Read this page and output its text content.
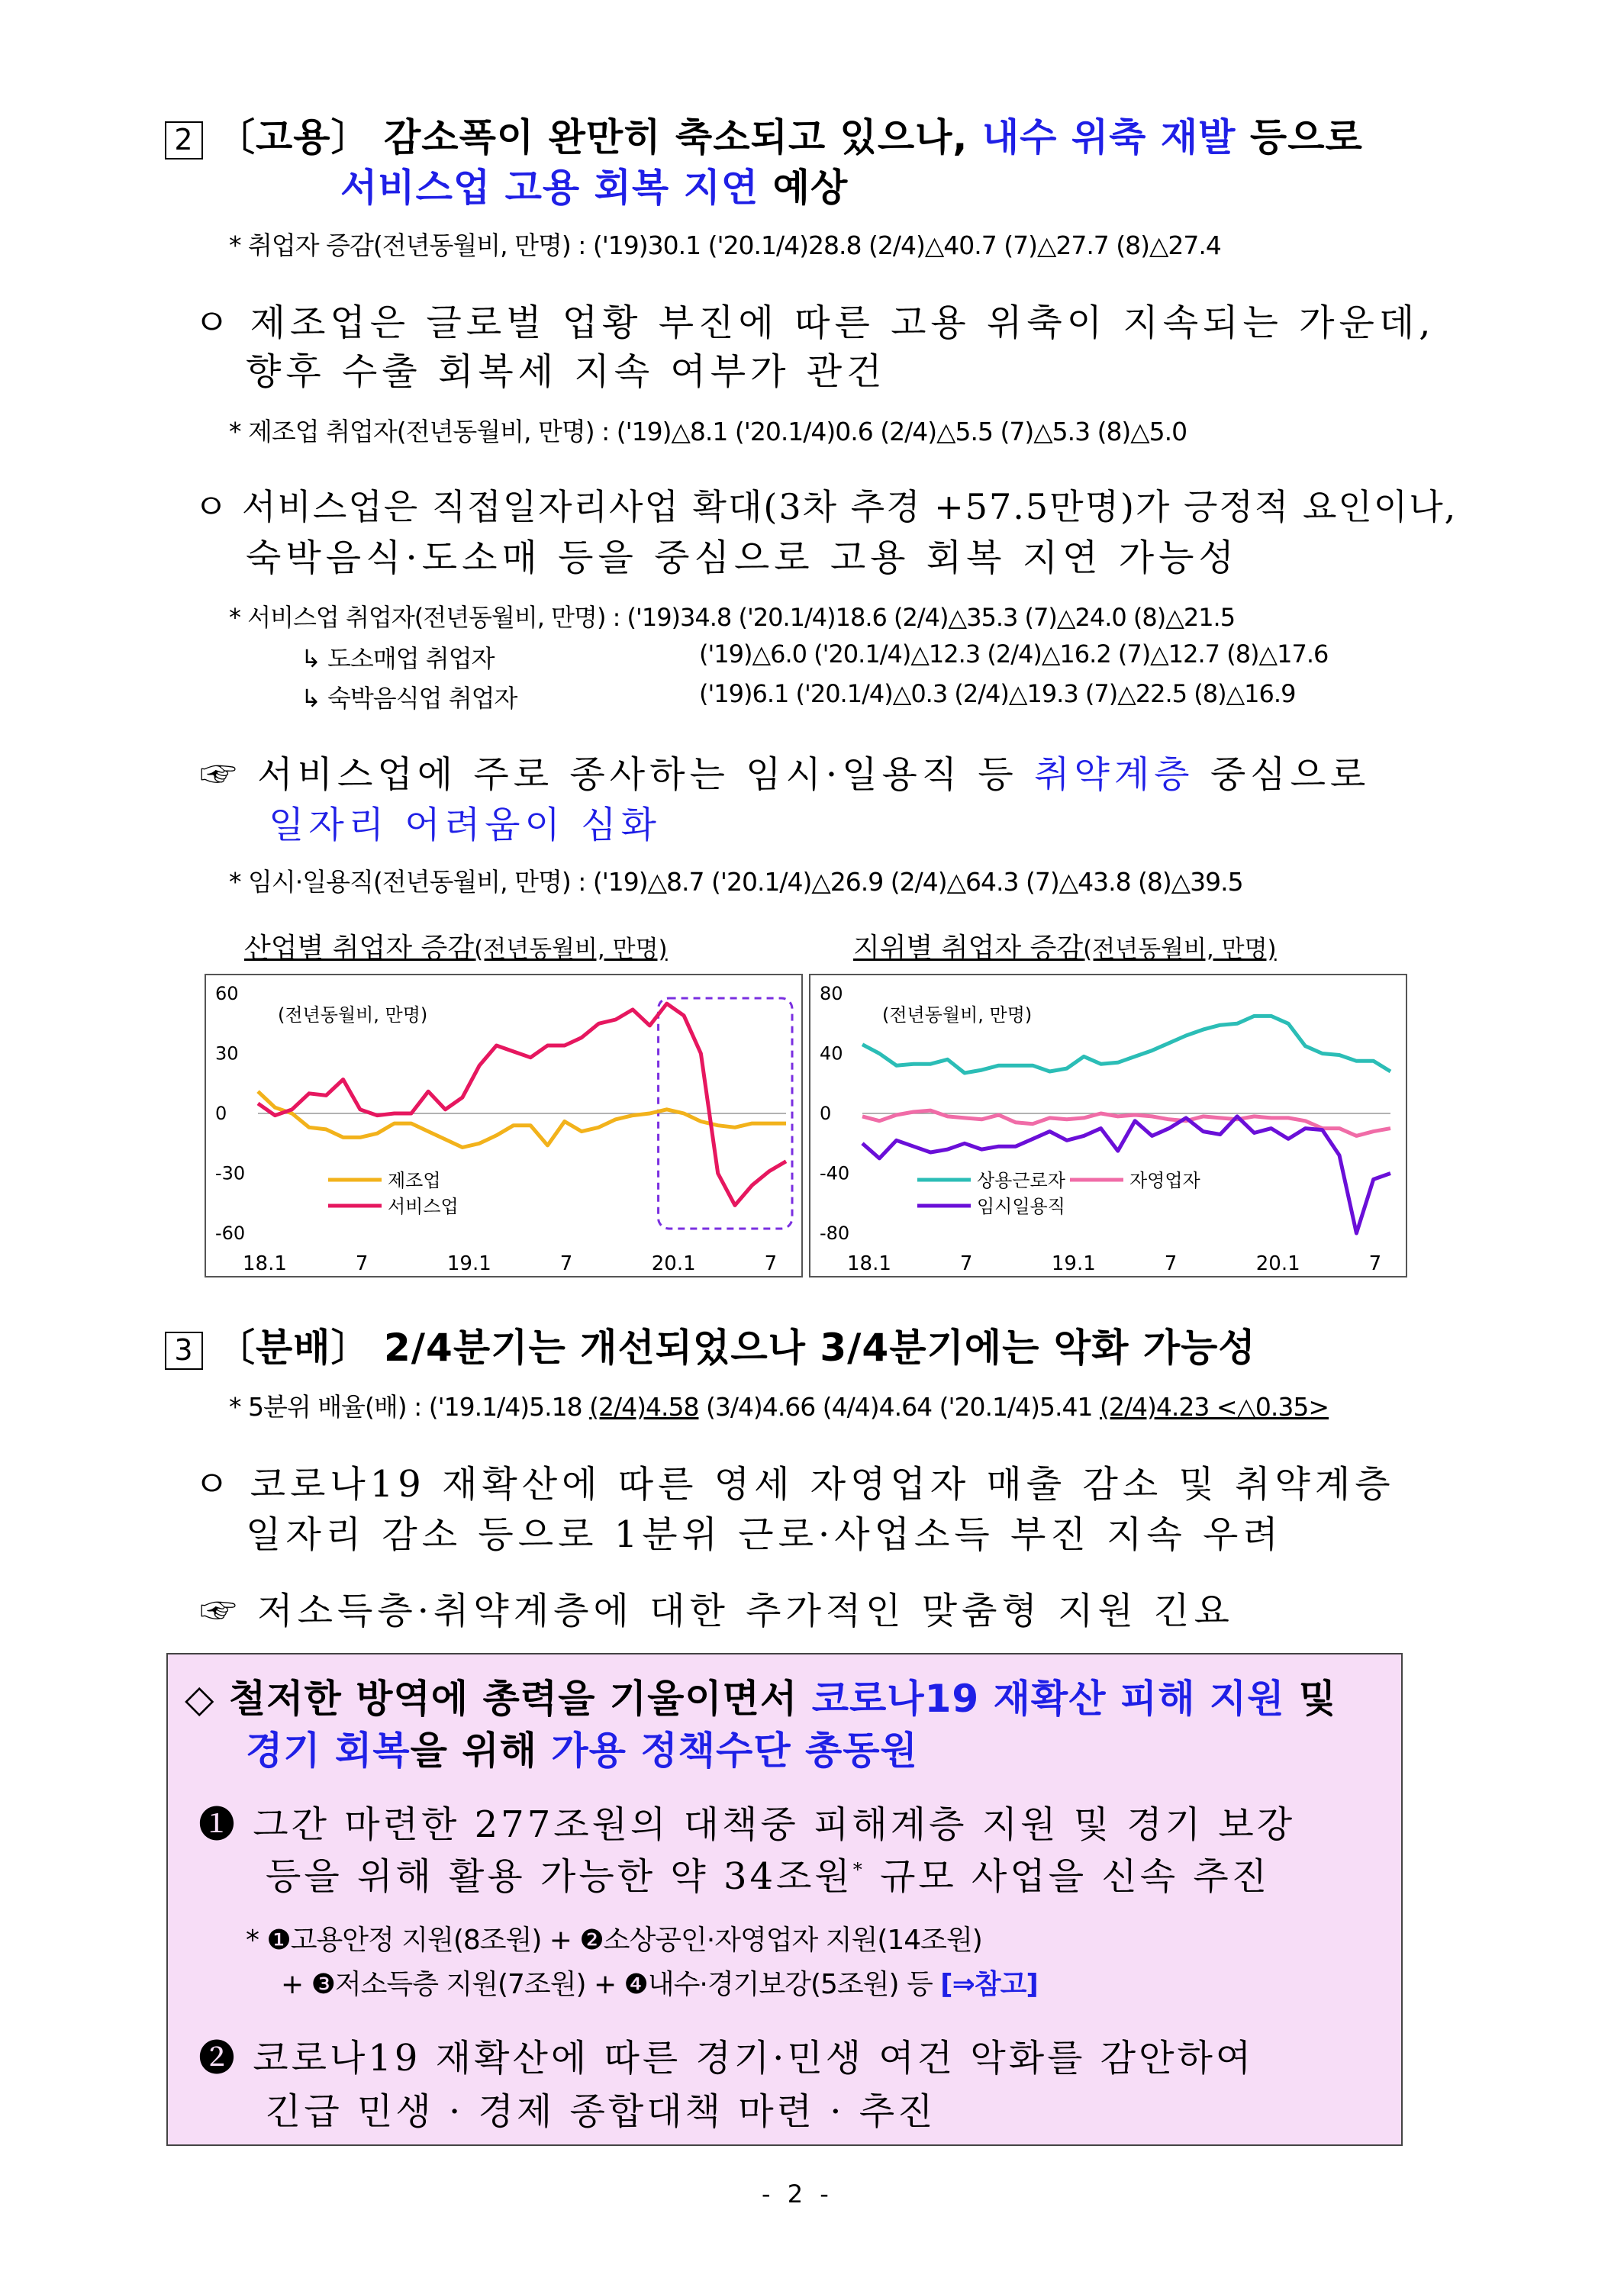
2 〔고용〕 감소폭이 완만히 축소되고 있으나, 내수 위축 재발 등으로
서비스업 고용 회복 지연 예상
* 취업자 증감(전년동월비, 만명) : ('19)30.1 ('20.1/4)28.8 (2/4)△40.7 (7)△27.7 (8)△27.4
ㅇ 제조업은 글로벌 업황 부진에 따른 고용 위축이 지속되는 가운데,
향후 수출 회복세 지속 여부가 관건
* 제조업 취업자(전년동월비, 만명) : ('19)△8.1 ('20.1/4)0.6 (2/4)△5.5 (7)△5.3 (8)△5.0
ㅇ 서비스업은 직접일자리사업 확대(3차 추경 +57.5만명)가 긍정적 요인이나,
숙박음식·도소매 등을 중심으로 고용 회복 지연 가능성
* 서비스업 취업자(전년동월비, 만명) : ('19)34.8 ('20.1/4)18.6 (2/4)△35.3 (7)△24.0 (8)△21.5
↳ 도소매업 취업자	('19)△6.0 ('20.1/4)△12.3 (2/4)△16.2 (7)△12.7 (8)△17.6
↳ 숙박음식업 취업자	('19)6.1 ('20.1/4)△0.3 (2/4)△19.3 (7)△22.5 (8)△16.9
☞ 서비스업에 주로 종사하는 임시·일용직 등 취약계층 중심으로
일자리 어려움이 심화
* 임시·일용직(전년동월비, 만명) : ('19)△8.7 ('20.1/4)△26.9 (2/4)△64.3 (7)△43.8 (8)△39.5
산업별 취업자 증감(전년동월비, 만명)	지위별 취업자 증감(전년동월비, 만명)
60
30
0
-30
-60
18.1	7	19.1	7	20.1	7
(전년동월비, 만명)
제조업
서비스업
80
40
0
-40
-80
18.1	7	19.1	7	20.1	7
(전년동월비, 만명)
상용근로자	자영업자
임시일용직
3 〔분배〕 2/4분기는 개선되었으나 3/4분기에는 악화 가능성
* 5분위 배율(배) : ('19.1/4)5.18 (2/4)4.58 (3/4)4.66 (4/4)4.64 ('20.1/4)5.41 (2/4)4.23 <△0.35>
ㅇ 코로나19 재확산에 따른 영세 자영업자 매출 감소 및 취약계층
일자리 감소 등으로 1분위 근로·사업소득 부진 지속 우려
☞ 저소득층·취약계층에 대한 추가적인 맞춤형 지원 긴요
◇ 철저한 방역에 총력을 기울이면서 코로나19 재확산 피해 지원 및
경기 회복을 위해 가용 정책수단 총동원
❶ 그간 마련한 277조원의 대책중 피해계층 지원 및 경기 보강
등을 위해 활용 가능한 약 34조원* 규모 사업을 신속 추진
* ❶고용안정 지원(8조원) + ❷소상공인·자영업자 지원(14조원)
+ ❸저소득층 지원(7조원) + ❹내수·경기보강(5조원) 등 [⇒참고]
❷ 코로나19 재확산에 따른 경기·민생 여건 악화를 감안하여
긴급 민생 · 경제 종합대책 마련 · 추진
- 2 -
